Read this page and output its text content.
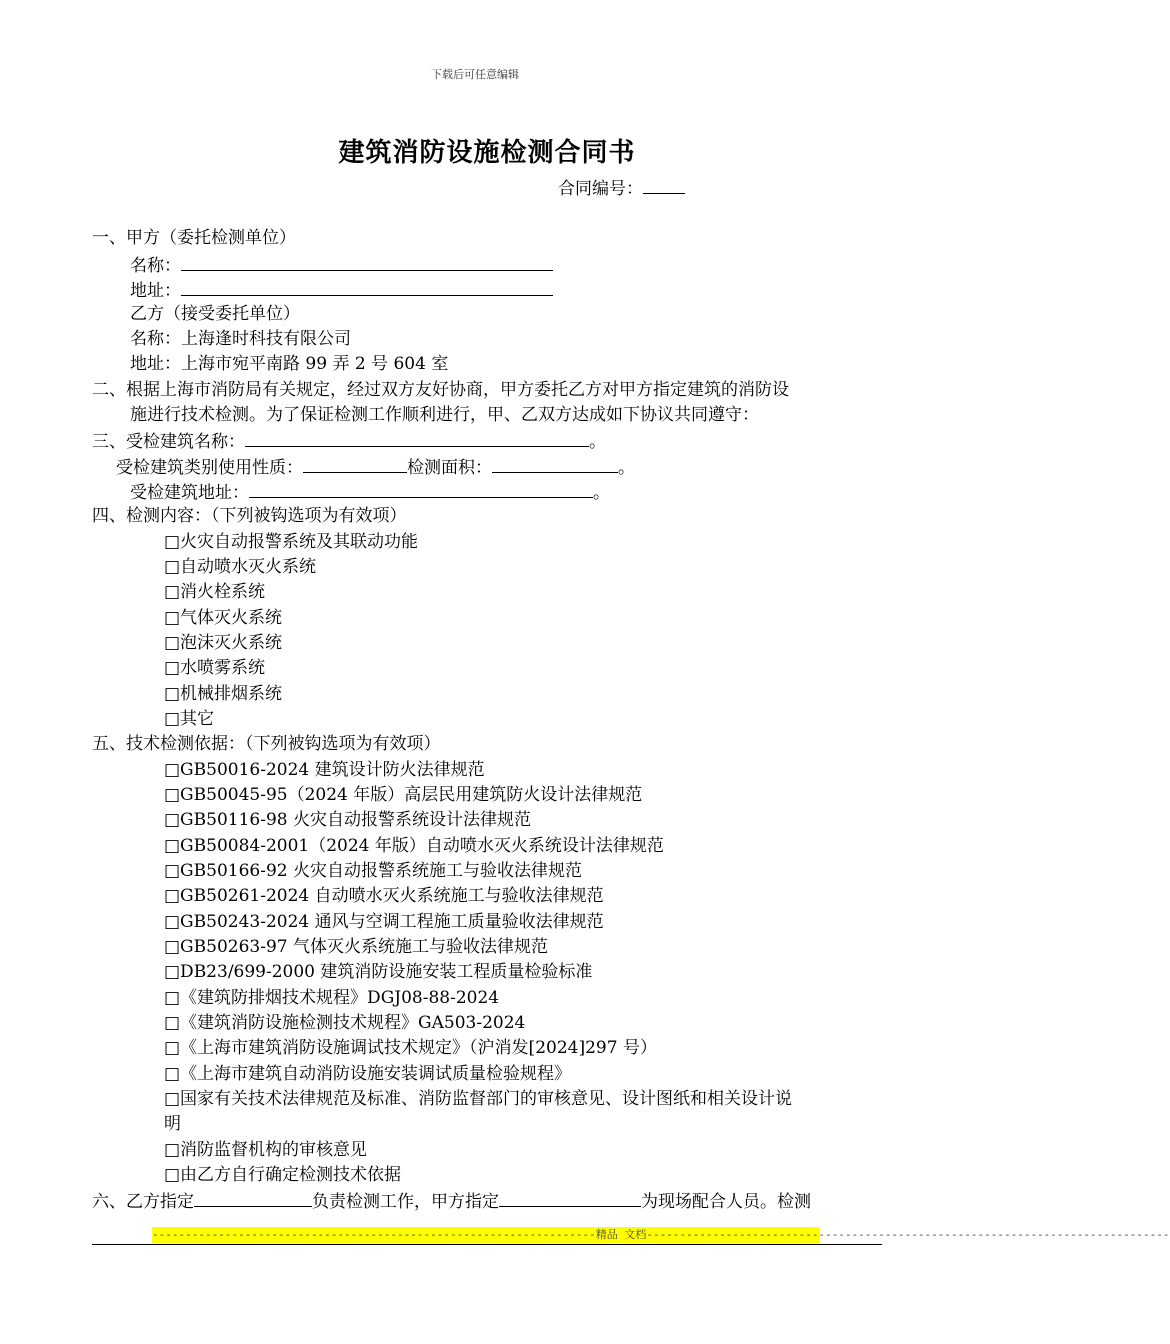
下载后可任意编辑
建筑消防设施检测合同书
合同编号：
一、甲方（委托检测单位）
名称：
地址：
乙方（接受委托单位）
名称：上海逢时科技有限公司
地址：上海市宛平南路 99 弄 2 号 604 室
二、根据上海市消防局有关规定，经过双方友好协商，甲方委托乙方对甲方指定建筑的消防设
施进行技术检测。为了保证检测工作顺利进行，甲、乙双方达成如下协议共同遵守：
三、受检建筑名称：	。
受检建筑类别使用性质：	检测面积：	。
受检建筑地址：	。
四、检测内容：（下列被钩选项为有效项）
□火灾自动报警系统及其联动功能
□自动喷水灭火系统
□消火栓系统
□气体灭火系统
□泡沫灭火系统
□水喷雾系统
□机械排烟系统
□其它
五、技术检测依据：（下列被钩选项为有效项）
□GB50016-2024 建筑设计防火法律规范
□GB50045-95（2024 年版）高层民用建筑防火设计法律规范
□GB50116-98 火灾自动报警系统设计法律规范
□GB50084-2001（2024 年版）自动喷水灭火系统设计法律规范
□GB50166-92 火灾自动报警系统施工与验收法律规范
□GB50261-2024 自动喷水灭火系统施工与验收法律规范
□GB50243-2024 通风与空调工程施工质量验收法律规范
□GB50263-97 气体灭火系统施工与验收法律规范
□DB23/699-2000 建筑消防设施安装工程质量检验标准
□《建筑防排烟技术规程》DGJ08-88-2024
□《建筑消防设施检测技术规程》GA503-2024
□《上海市建筑消防设施调试技术规定》（沪消发[2024]297 号）
□《上海市建筑自动消防设施安装调试质量检验规程》
□国家有关技术法律规范及标准、消防监督部门的审核意见、设计图纸和相关设计说
明
□消防监督机构的审核意见
□由乙方自行确定检测技术依据
六、乙方指定	负责检测工作，甲方指定	为现场配合人员。检测
-------------------------------------------------------------------精品 文档-------------------------------------------------------------------------------
